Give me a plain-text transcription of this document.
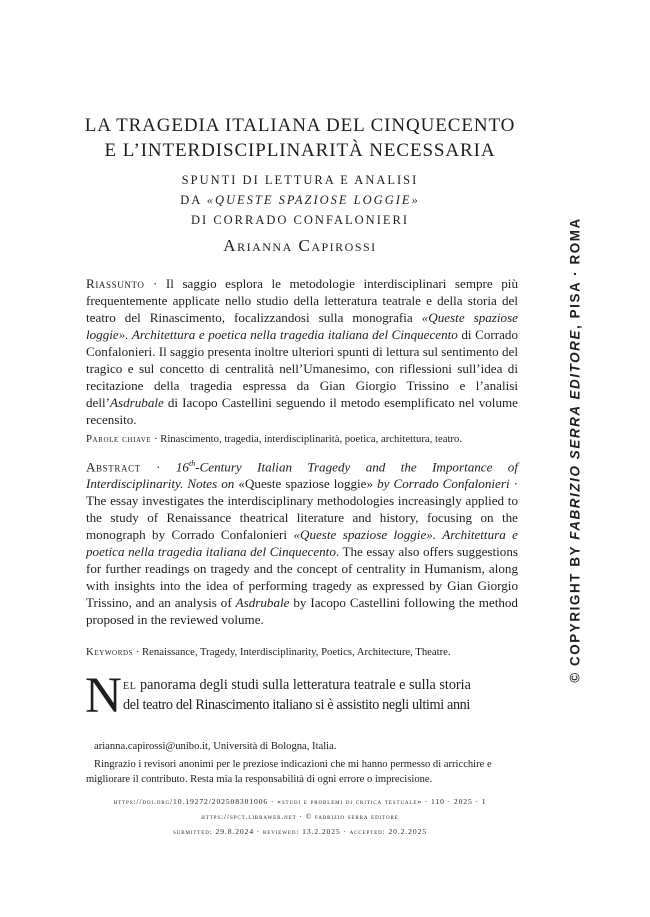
LA TRAGEDIA ITALIANA DEL CINQUECENTO
E L’INTERDISCIPLINARITÀ NECESSARIA
SPUNTI DI LETTURA E ANALISI
DA «QUESTE SPAZIOSE LOGGIE»
DI CORRADO CONFALONIERI
Arianna Capirossi
Riassunto · Il saggio esplora le metodologie interdisciplinari sempre più frequentemente applicate nello studio della letteratura teatrale e della storia del teatro del Rinascimento, focalizzandosi sulla monografia «Queste spaziose loggie». Architettura e poetica nella tragedia italiana del Cinquecento di Corrado Confalonieri. Il saggio presenta inoltre ulteriori spunti di lettura sul sentimento del tragico e sul concetto di centralità nell’Umanesimo, con riflessioni sull’idea di recitazione della tragedia espressa da Gian Giorgio Trissino e l’analisi dell’Asdrubale di Iacopo Castellini seguendo il metodo esemplificato nel volume recensito.
Parole chiave · Rinascimento, tragedia, interdisciplinarità, poetica, architettura, teatro.
Abstract · 16th-Century Italian Tragedy and the Importance of Interdisciplinarity. Notes on «Queste spaziose loggie» by Corrado Confalonieri · The essay investigates the interdisciplinary methodologies increasingly applied to the study of Renaissance theatrical literature and history, focusing on the monograph by Corrado Confalonieri «Queste spaziose loggie». Architettura e poetica nella tragedia italiana del Cinquecento. The essay also offers suggestions for further readings on tragedy and the concept of centrality in Humanism, along with insights into the idea of performing tragedy as expressed by Gian Giorgio Trissino, and an analysis of Asdrubale by Iacopo Castellini following the method proposed in the reviewed volume.
Keywords · Renaissance, Tragedy, Interdisciplinarity, Poetics, Architecture, Theatre.
N el panorama degli studi sulla letteratura teatrale e sulla storia
del teatro del Rinascimento italiano si è assistito negli ultimi anni
arianna.capirossi@unibo.it, Università di Bologna, Italia.
Ringrazio i revisori anonimi per le preziose indicazioni che mi hanno permesso di arricchire e migliorare il contributo. Resta mia la responsabilità di ogni errore o imprecisione.
https://doi.org/10.19272/202508301006 · «studi e problemi di critica testuale» · 110 · 2025 · 1
https://spct.libraweb.net · © fabrizio serra editore
submitted: 29.8.2024 · reviewed: 13.2.2025 · accepted: 20.2.2025
© COPYRIGHT BY FABRIZIO SERRA EDITORE, PISA · ROMA
